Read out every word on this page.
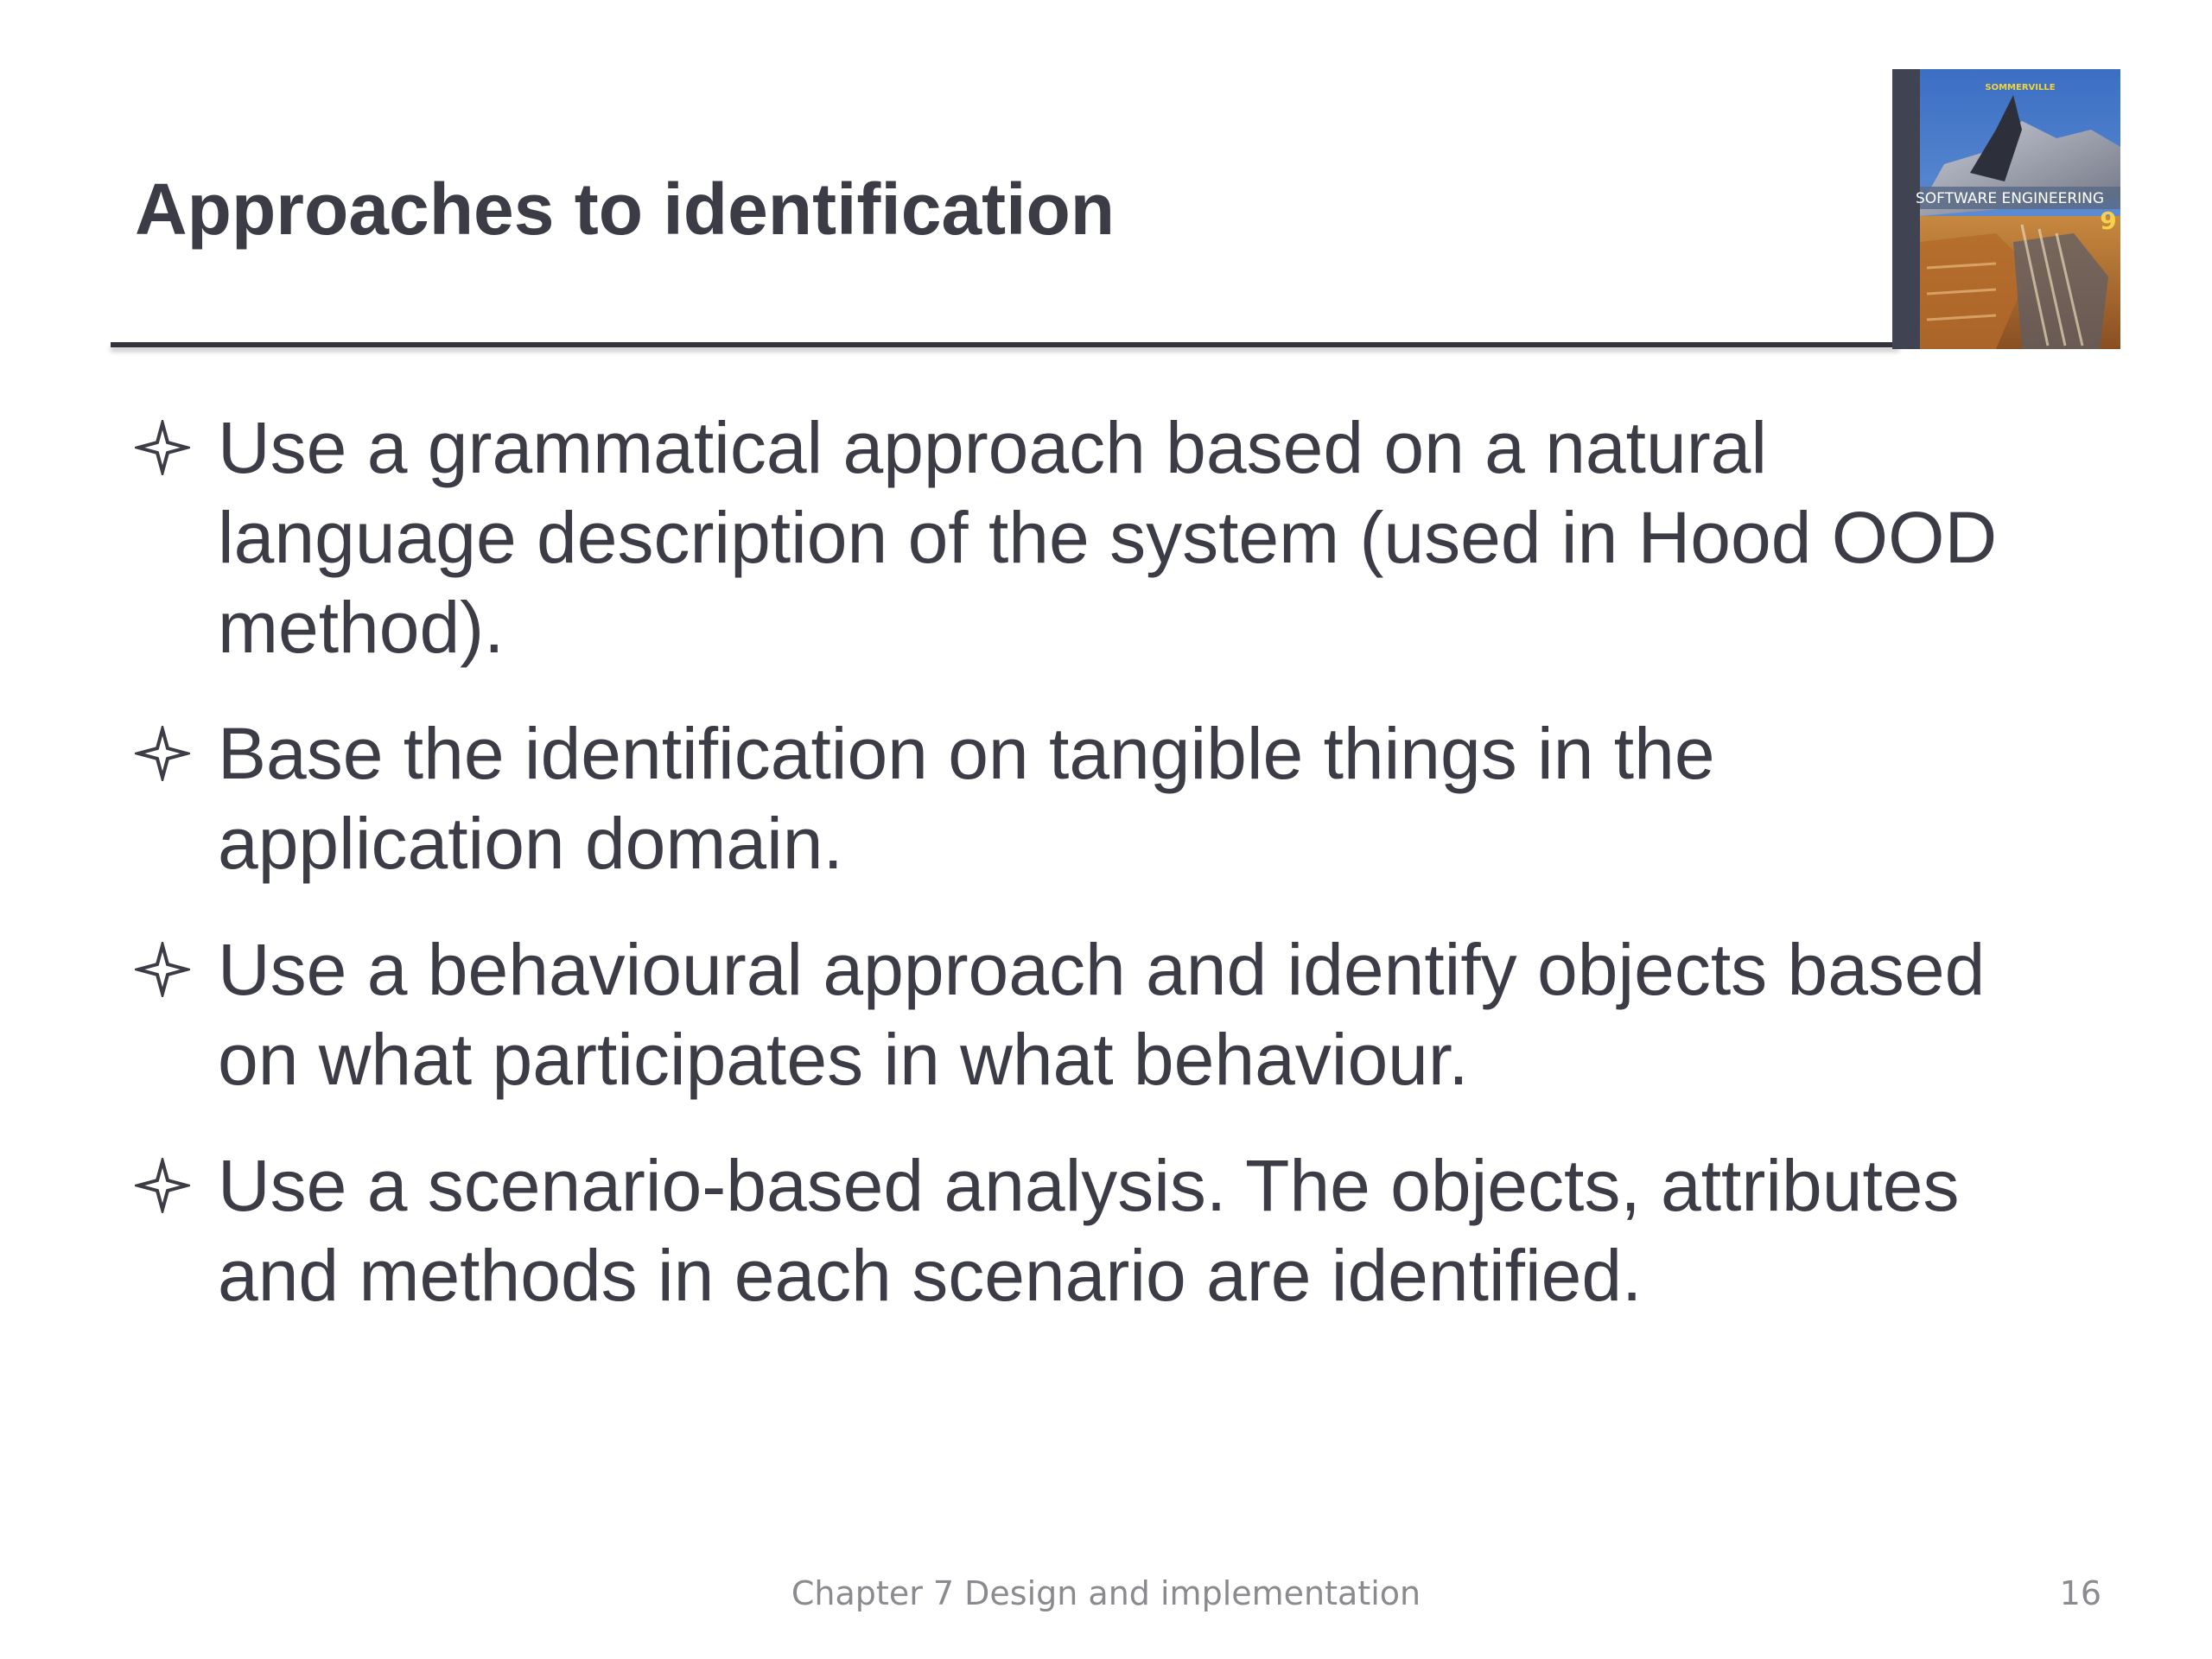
Approaches to identification
SOMMERVILLE
SOFTWARE ENGINEERING
9
Use a grammatical approach based on a natural language description of the system (used in Hood OOD method).
Base the identification on tangible things in the application domain.
Use a behavioural approach and identify objects based on what participates in what behaviour.
Use a scenario-based analysis. The objects, attributes and methods in each scenario are identified.
Chapter 7 Design and implementation	16
